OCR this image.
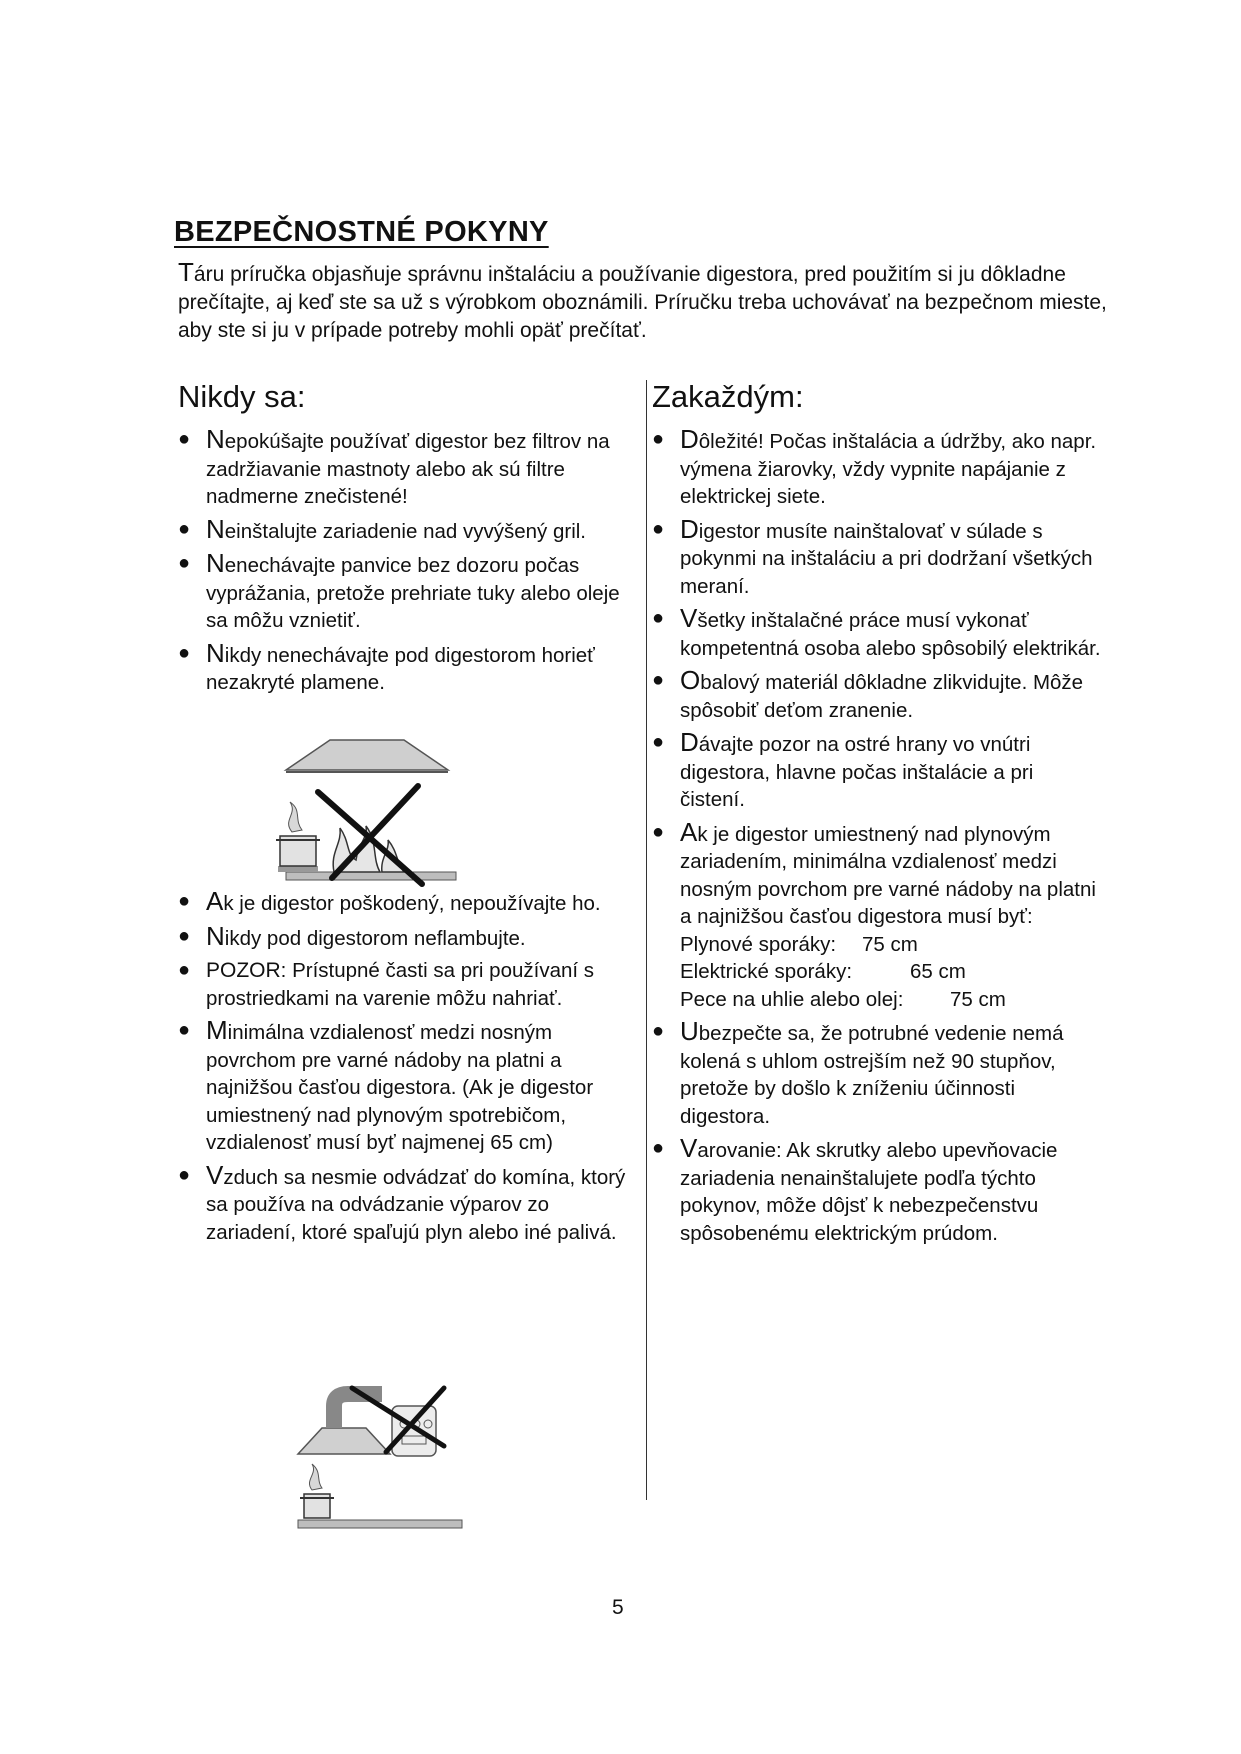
BEZPEČNOSTNÉ POKYNY

Táru príručka objasňuje správnu inštaláciu a používanie digestora, pred použitím si ju dôkladne prečítajte, aj keď ste sa už s výrobkom oboznámili. Príručku treba uchovávať na bezpečnom mieste, aby ste si ju v prípade potreby mohli opäť prečítať.

Nikdy sa:
● Nepokúšajte používať digestor bez filtrov na zadržiavanie mastnoty alebo ak sú filtre nadmerne znečistené!
● Neinštalujte zariadenie nad vyvýšený gril.
● Nenechávajte panvice bez dozoru počas vyprážania, pretože prehriate tuky alebo oleje sa môžu vznietiť.
● Nikdy nenechávajte pod digestorom horieť nezakryté plamene.
● Ak je digestor poškodený, nepoužívajte ho.
● Nikdy pod digestorom neflambujte.
● POZOR: Prístupné časti sa pri používaní s prostriedkami na varenie môžu nahriať.
● Minimálna vzdialenosť medzi nosným povrchom pre varné nádoby na platni a najnižšou časťou digestora. (Ak je digestor umiestnený nad plynovým spotrebičom, vzdialenosť musí byť najmenej 65 cm)
● Vzduch sa nesmie odvádzať do komína, ktorý sa používa na odvádzanie výparov zo zariadení, ktoré spaľujú plyn alebo iné palivá.
Zakaždým:
● Dôležité! Počas inštalácia a údržby, ako napr. výmena žiarovky, vždy vypnite napájanie z elektrickej siete.
● Digestor musíte nainštalovať v súlade s pokynmi na inštaláciu a pri dodržaní všetkých meraní.
● Všetky inštalačné práce musí vykonať kompetentná osoba alebo spôsobilý elektrikár.
● Obalový materiál dôkladne zlikvidujte. Môže spôsobiť deťom zranenie.
● Dávajte pozor na ostré hrany vo vnútri digestora, hlavne počas inštalácie a pri čistení.
● Ak je digestor umiestnený nad plynovým zariadením, minimálna vzdialenosť medzi nosným povrchom pre varné nádoby na platni a najnižšou časťou digestora musí byť:
Plynové sporáky:	75 cm
Elektrické sporáky:	65 cm
Pece na uhlie alebo olej:	75 cm
● Ubezpečte sa, že potrubné vedenie nemá kolená s uhlom ostrejším než 90 stupňov, pretože by došlo k zníženiu účinnosti digestora.
● Varovanie: Ak skrutky alebo upevňovacie zariadenia nenainštalujete podľa týchto pokynov, môže dôjsť k nebezpečenstvu spôsobenému elektrickým prúdom.
5
